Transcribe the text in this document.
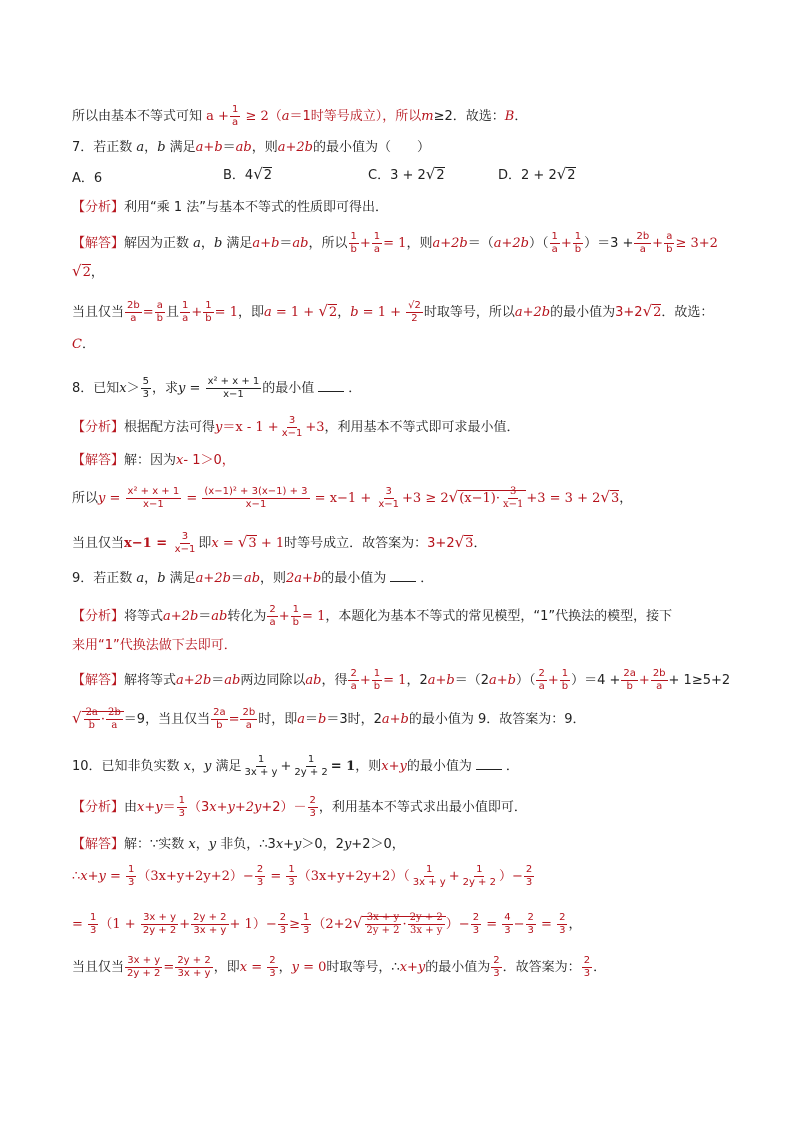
所以由基本不等式可知 $a + \frac{1}{a} \ge 2(a=1$时等号成立），所以m≥2．故选：B．
7．若正数 a，b 满足a+b＝ab，则a+2b的最小值为（　　）
A．6	B．4√2	C．3 + 2√2	D．2 + 2√2
【分析】利用“乘 1 法”与基本不等式的性质即可得出．
【解答】解因为正数 a，b 满足a+b＝ab，所以 $\frac{1}{b} + \frac{1}{a} = 1$，则$a+2b=(a+2b)( \frac{1}{a} + \frac{1}{b} )=3 + \frac{2b}{a} + \frac{a}{b} \ge 3+2$
√2，
当且仅当 $\frac{2b}{a} = \frac{a}{b}$ 且 $\frac{1}{a} + \frac{1}{b} = 1$，即a = 1 + √2，$b = 1 + \frac{√2}{2}$ 时取等号，所以a+2b的最小值为3+2√2．故选：
C．
8．已知$x> \frac{5}{3}$ ，求$y = \frac{\text{x² + x + 1}}{x-1}$ 的最小值	．
【分析】根据配方法可得$y=x - 1 + \frac{3}{x-1} +3$，利用基本不等式即可求最小值．
【解答】解：因为x- 1＞0，
所以$y = \frac{\text{x² + x + 1}}{x-1} = \frac{\text{(x−1)² + 3(x−1) + 3}}{x-1} = x-1 + \frac{3}{x-1} +3 \ge 2√(x-1)\cdot \frac{3}{x-1} +3 = 3 + 2√3$，
当且仅当$x-1 = \frac{3}{x-1}$ 即x = √3 + 1时等号成立．故答案为：3+2√3．
9．若正数 a，b 满足a+2b＝ab，则2a+b的最小值为	．
【分析】将等式a+2b＝ab转化为 $\frac{2}{a} + \frac{1}{b} = 1$，本题化为基本不等式的常见模型，“1”代换法的模型，接下
来用“1”代换法做下去即可．
【解答】解将等式a+2b＝ab两边同除以ab，得 $\frac{2}{a} + \frac{1}{b} = 1$，$2a+b=(2a+b)( \frac{2}{a} + \frac{1}{b} )=4 + \frac{2a}{b} + \frac{2b}{a} + 1\ge 5+2$
√ $\frac{2a}{b} \cdot \frac{2b}{a} =9$，当且仅当 $\frac{2a}{b} = \frac{2b}{a}$ 时，即a＝b＝3时，2a+b的最小值为 9．故答案为：9．
10．已知非负实数 x，y 满足 $\frac{1}{3x + y} + \frac{1}{2y + 2} = 1$，则x+y的最小值为	．
【分析】由$x+y= \frac{1}{3} (3x+y+2y+2)- \frac{2}{3}$ ，利用基本不等式求出最小值即可．
【解答】解：∵实数 x，y 非负，∴3x+y＞0，2y+2＞0，
∴x+y = $\frac{1}{3} (3x+y+2y+2)- \frac{2}{3} = \frac{1}{3} (3x+y+2y+2)( \frac{1}{3x + y} + \frac{1}{2y + 2}$ ）− $\frac{2}{3}$
= $\frac{1}{3} (1 + \frac{3x + y}{2y + 2} + \frac{2y + 2}{3x + y} + 1)- \frac{2}{3} \ge \frac{1}{3} (2+2√ \frac{3x + y}{2y + 2} \cdot \frac{2y + 2}{3x + y}$ ）− $\frac{2}{3} = \frac{4}{3} - \frac{2}{3} = \frac{2}{3}$ ，
当且仅当 $\frac{3x + y}{2y + 2} = \frac{2y + 2}{3x + y}$ ，即$x = \frac{2}{3}$ ，y = 0时取等号，∴x+y的最小值为 $\frac{2}{3}$ ．故答案为： $\frac{2}{3}$ ．
